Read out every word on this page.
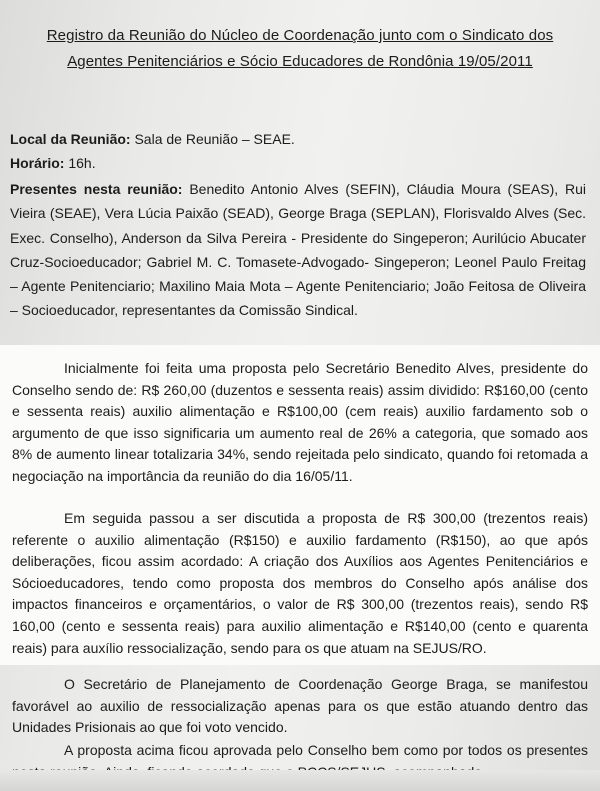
Registro da Reunião do Núcleo de Coordenação junto com o Sindicato dos
Agentes Penitenciários e Sócio Educadores de Rondônia 19/05/2011
Local da Reunião: Sala de Reunião – SEAE.
Horário: 16h.
Presentes nesta reunião: Benedito Antonio Alves (SEFIN), Cláudia Moura (SEAS), Rui Vieira (SEAE), Vera Lúcia Paixão (SEAD), George Braga (SEPLAN), Florisvaldo Alves (Sec. Exec. Conselho), Anderson da Silva Pereira - Presidente do Singeperon; Aurilúcio Abucater Cruz-Socioeducador; Gabriel M. C. Tomasete-Advogado- Singeperon; Leonel Paulo Freitag – Agente Penitenciario; Maxilino Maia Mota – Agente Penitenciario; João Feitosa de Oliveira – Socioeducador, representantes da Comissão Sindical.
Inicialmente foi feita uma proposta pelo Secretário Benedito Alves, presidente do Conselho sendo de: R$ 260,00 (duzentos e sessenta reais) assim dividido: R$160,00 (cento e sessenta reais) auxilio alimentação e R$100,00 (cem reais) auxilio fardamento sob o argumento de que isso significaria um aumento real de 26% a categoria, que somado aos 8% de aumento linear totalizaria 34%, sendo rejeitada pelo sindicato, quando foi retomada a negociação na importância da reunião do dia 16/05/11.
Em seguida passou a ser discutida a proposta de R$ 300,00 (trezentos reais) referente o auxilio alimentação (R$150) e auxilio fardamento (R$150), ao que após deliberações, ficou assim acordado: A criação dos Auxílios aos Agentes Penitenciários e Sócioeducadores, tendo como proposta dos membros do Conselho após análise dos impactos financeiros e orçamentários, o valor de R$ 300,00 (trezentos reais), sendo R$ 160,00 (cento e sessenta reais) para auxilio alimentação e R$140,00 (cento e quarenta reais) para auxílio ressocialização, sendo para os que atuam na SEJUS/RO.
O Secretário de Planejamento de Coordenação George Braga, se manifestou favorável ao auxilio de ressocialização apenas para os que estão atuando dentro das Unidades Prisionais ao que foi voto vencido.
A proposta acima ficou aprovada pelo Conselho bem como por todos os presentes
